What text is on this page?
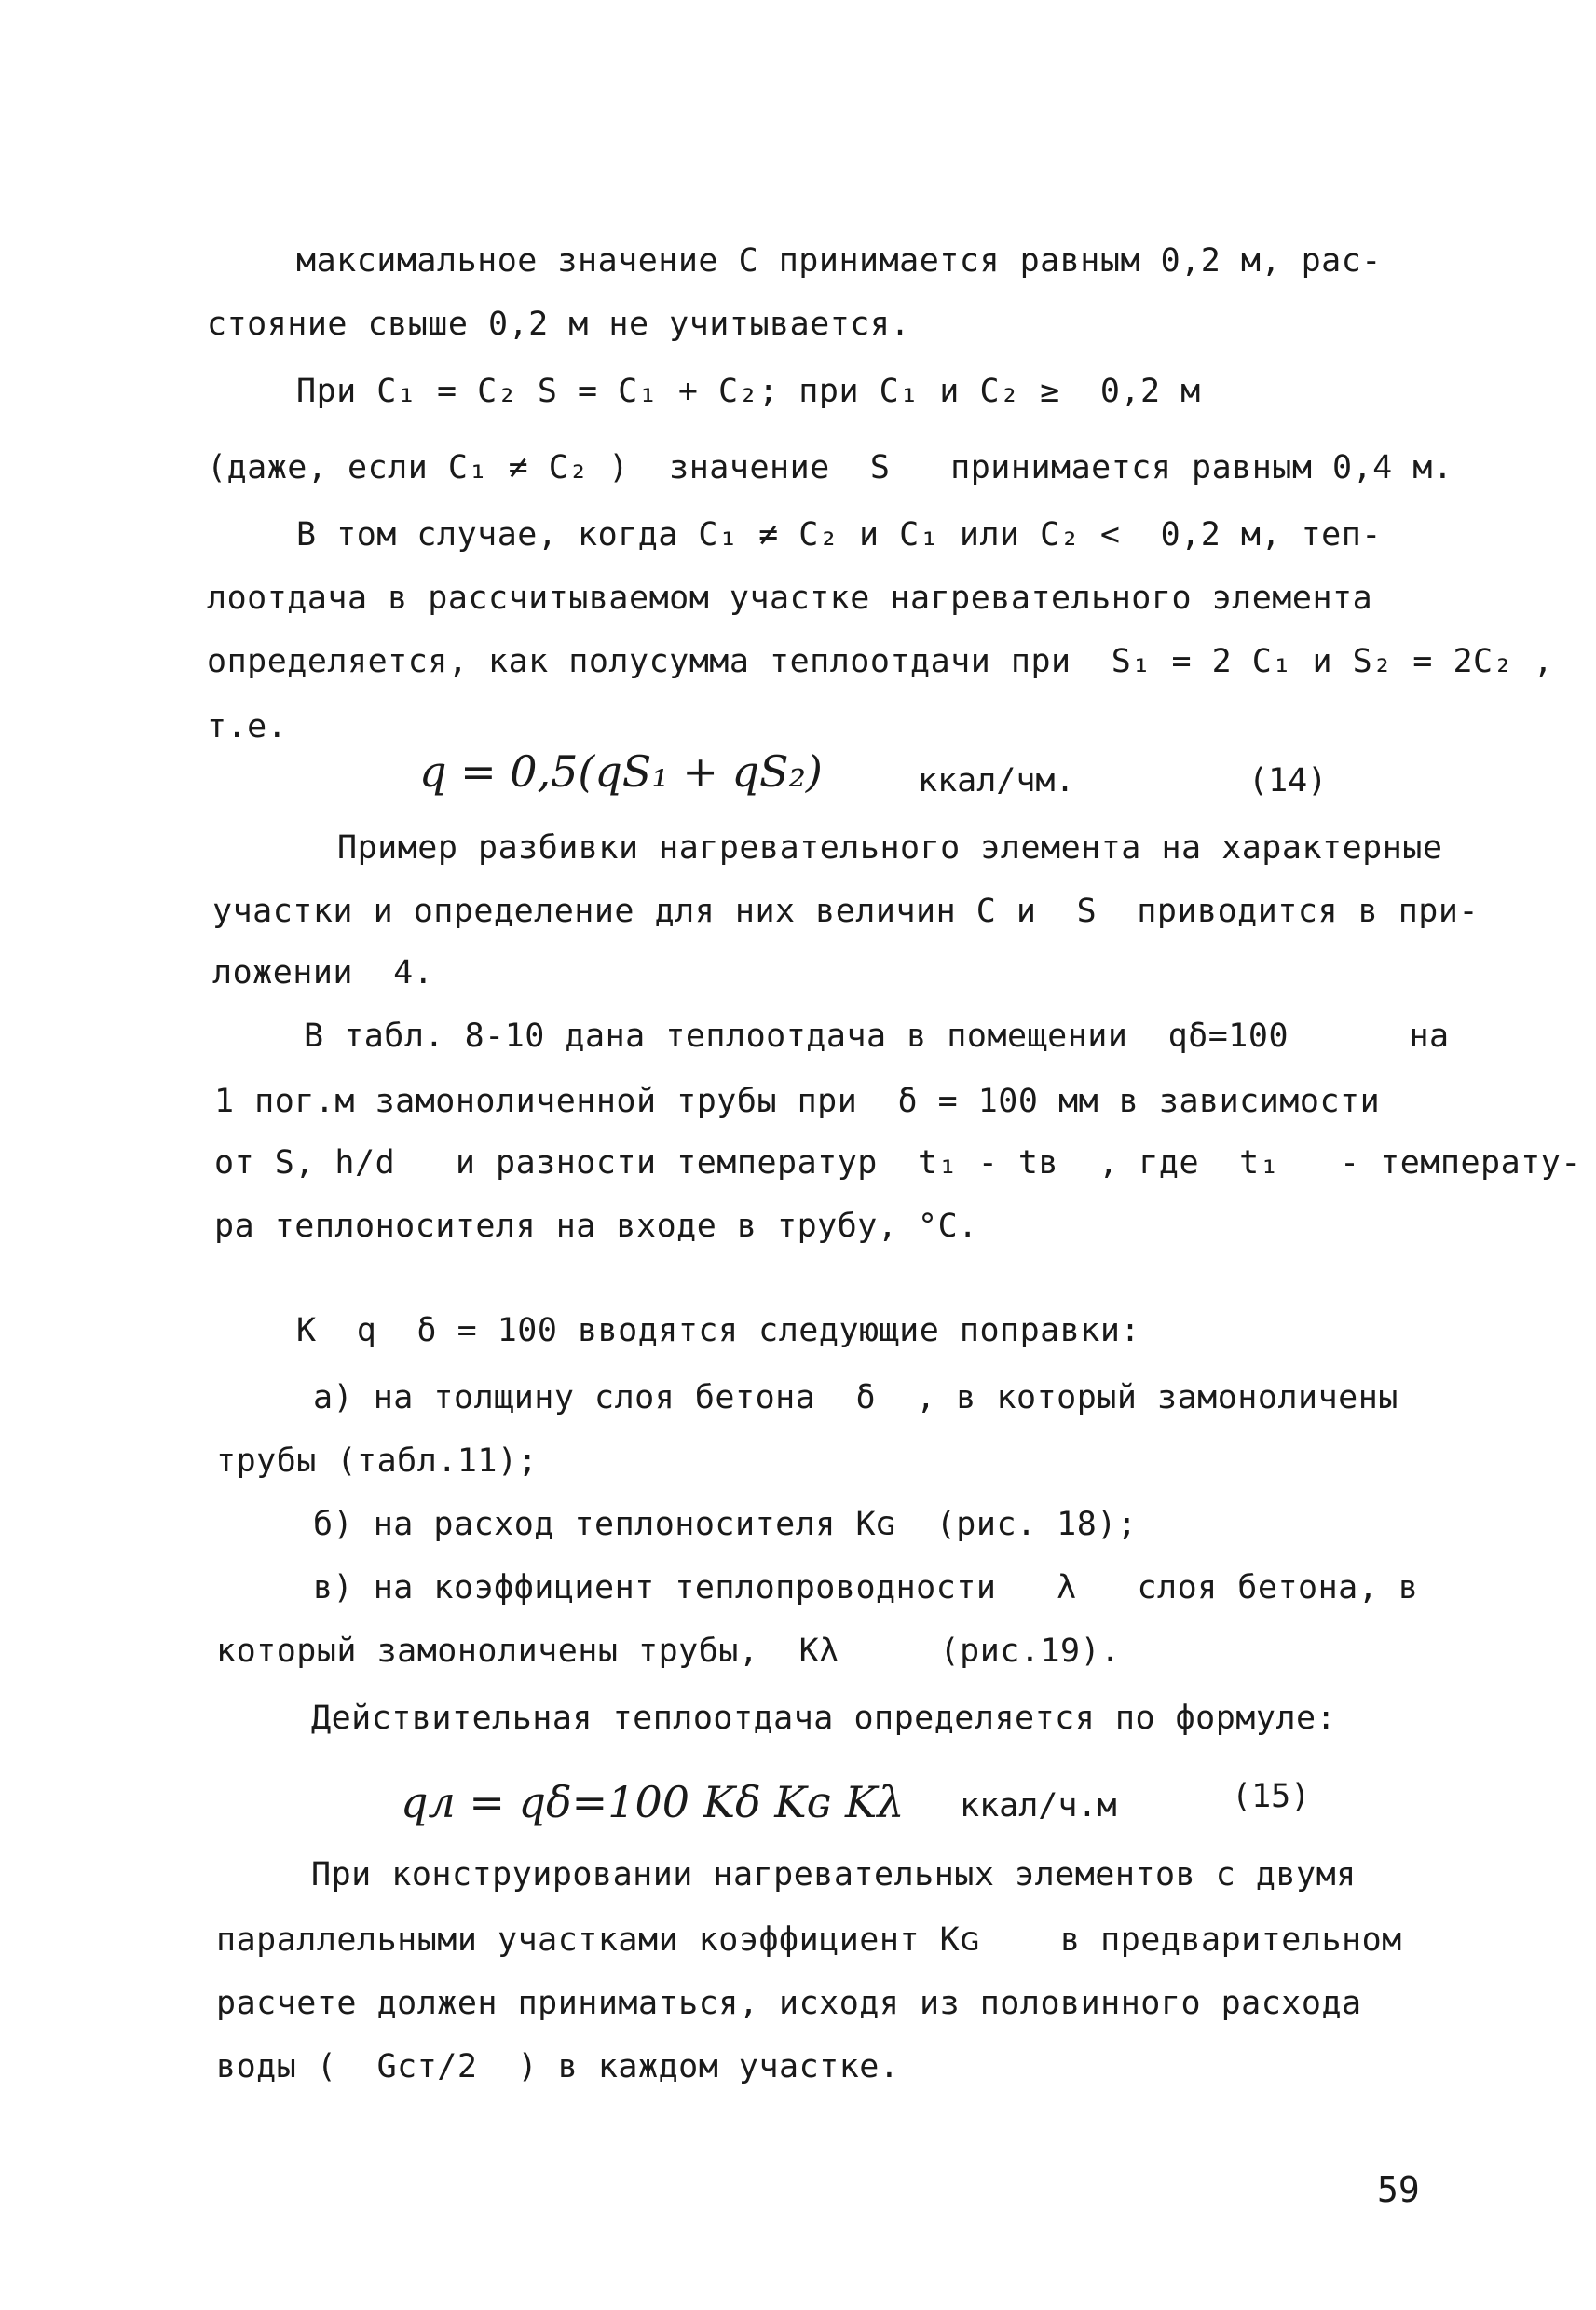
максимальное значение С принимается равным 0,2 м, рас-
стояние свыше 0,2 м не учитывается.
При С₁ = С₂ S = С₁ + С₂; при С₁ и С₂ ≥  0,2 м
(даже, если С₁ ≠ С₂ )  значение  S   принимается равным 0,4 м.
В том случае, когда С₁ ≠ С₂ и С₁ или С₂ <  0,2 м, теп-
лоотдача в рассчитываемом участке нагревательного элемента
определяется, как полусумма теплоотдачи при  S₁ = 2 С₁ и S₂ = 2С₂ ,
т.е.
q = 0,5(qS₁ + qS₂)	ккал/чм.	(14)
Пример разбивки нагревательного элемента на характерные
участки и определение для них величин С и  S  приводится в при-
ложении  4.
В табл. 8-10 дана теплоотдача в помещении  qδ=100      на
1 пог.м замоноличенной трубы при  δ = 100 мм в зависимости
от S, h/d   и разности температур  t₁ - tв  , где  t₁   - температу-
ра теплоносителя на входе в трубу, °С.
К  q  δ = 100 вводятся следующие поправки:
а) на толщину слоя бетона  δ  , в который замоноличены
трубы (табл.11);
б) на расход теплоносителя Кɢ  (рис. 18);
в) на коэффициент теплопроводности   λ   слоя бетона, в
который замоноличены трубы,  Кλ     (рис.19).
Действительная теплоотдача определяется по формуле:
qл = qδ=100 Kδ Kɢ Kλ ккал/ч.м	(15)
При конструировании нагревательных элементов с двумя
параллельными участками коэффициент Кɢ    в предварительном
расчете должен приниматься, исходя из половинного расхода
воды (  Gст/2  ) в каждом участке.
59
